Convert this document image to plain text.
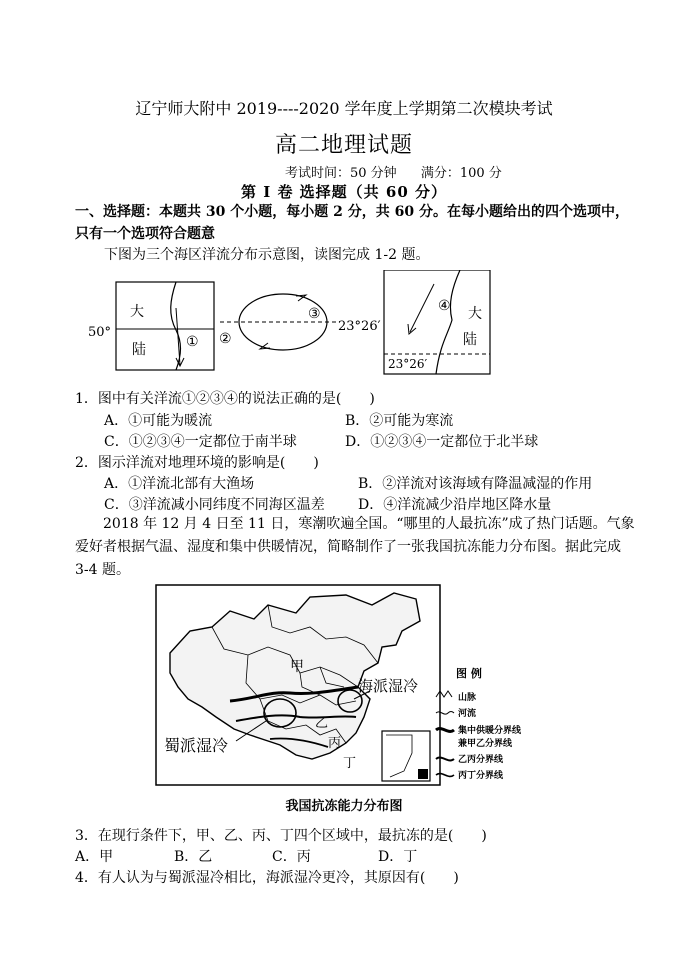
辽宁师大附中 2019----2020 学年度上学期第二次模块考试
高二地理试题
考试时间：50 分钟 满分：100 分
第 Ⅰ 卷 选择题（共 60 分）
一、选择题：本题共 30 个小题，每小题 2 分，共 60 分。在每小题给出的四个选项中，只有一个选项符合题意
下图为三个海区洋流分布示意图，读图完成 1-2 题。
50°
大
陆	① ②
③
23°26′
④ 大
陆
23°26′
1．图中有关洋流①②③④的说法正确的是(　　)
A．①可能为暖流	B．②可能为寒流
C．①②③④一定都位于南半球	D．①②③④一定都位于北半球
2．图示洋流对地理环境的影响是(　　)
A．①洋流北部有大渔场	B．②洋流对该海域有降温减湿的作用
C．③洋流减小同纬度不同海区温差 D．④洋流减少沿岸地区降水量
2018 年 12 月 4 日至 11 日，寒潮吹遍全国。“哪里的人最抗冻”成了热门话题。气象爱好者根据气温、湿度和集中供暖情况，简略制作了一张我国抗冻能力分布图。据此完成 3-4 题。
甲
乙
丙
丁
海派湿冷
蜀派湿冷
图 例
山脉
河流
集中供暖分界线
兼甲乙分界线
乙丙分界线
丙丁分界线
我国抗冻能力分布图
3．在现行条件下，甲、乙、丙、丁四个区域中，最抗冻的是(　　)
A．甲	B．乙	C．丙	D．丁
4．有人认为与蜀派湿冷相比，海派湿冷更冷，其原因有(　　)
